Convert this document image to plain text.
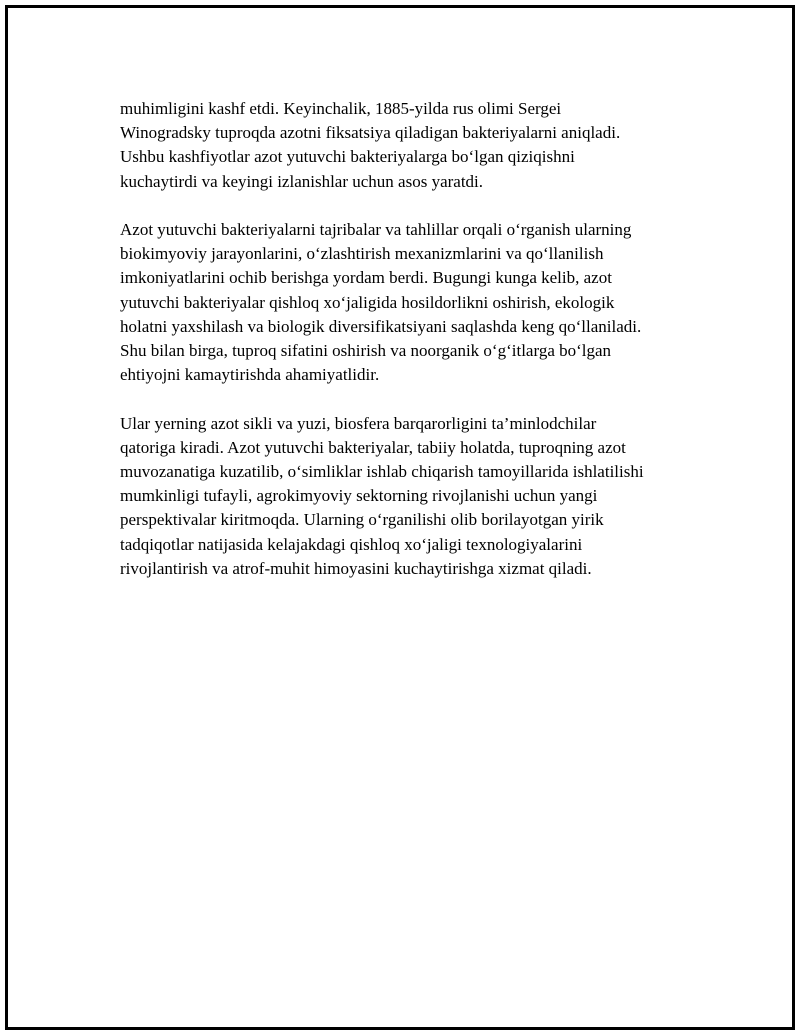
muhimligini kashf etdi. Keyinchalik, 1885-yilda rus olimi Sergei
Winogradsky tuproqda azotni fiksatsiya qiladigan bakteriyalarni aniqladi.
Ushbu kashfiyotlar azot yutuvchi bakteriyalarga bo‘lgan qiziqishni
kuchaytirdi va keyingi izlanishlar uchun asos yaratdi.

Azot yutuvchi bakteriyalarni tajribalar va tahlillar orqali o‘rganish ularning
biokimyoviy jarayonlarini, o‘zlashtirish mexanizmlarini va qo‘llanilish
imkoniyatlarini ochib berishga yordam berdi. Bugungi kunga kelib, azot
yutuvchi bakteriyalar qishloq xo‘jaligida hosildorlikni oshirish, ekologik
holatni yaxshilash va biologik diversifikatsiyani saqlashda keng qo‘llaniladi.
Shu bilan birga, tuproq sifatini oshirish va noorganik o‘g‘itlarga bo‘lgan
ehtiyojni kamaytirishda ahamiyatlidir.

Ular yerning azot sikli va yuzi, biosfera barqarorligini ta’minlodchilar
qatoriga kiradi. Azot yutuvchi bakteriyalar, tabiiy holatda, tuproqning azot
muvozanatiga kuzatilib, o‘simliklar ishlab chiqarish tamoyillarida ishlatilishi
mumkinligi tufayli, agrokimyoviy sektorning rivojlanishi uchun yangi
perspektivalar kiritmoqda. Ularning o‘rganilishi olib borilayotgan yirik
tadqiqotlar natijasida kelajakdagi qishloq xo‘jaligi texnologiyalarini
rivojlantirish va atrof-muhit himoyasini kuchaytirishga xizmat qiladi.
